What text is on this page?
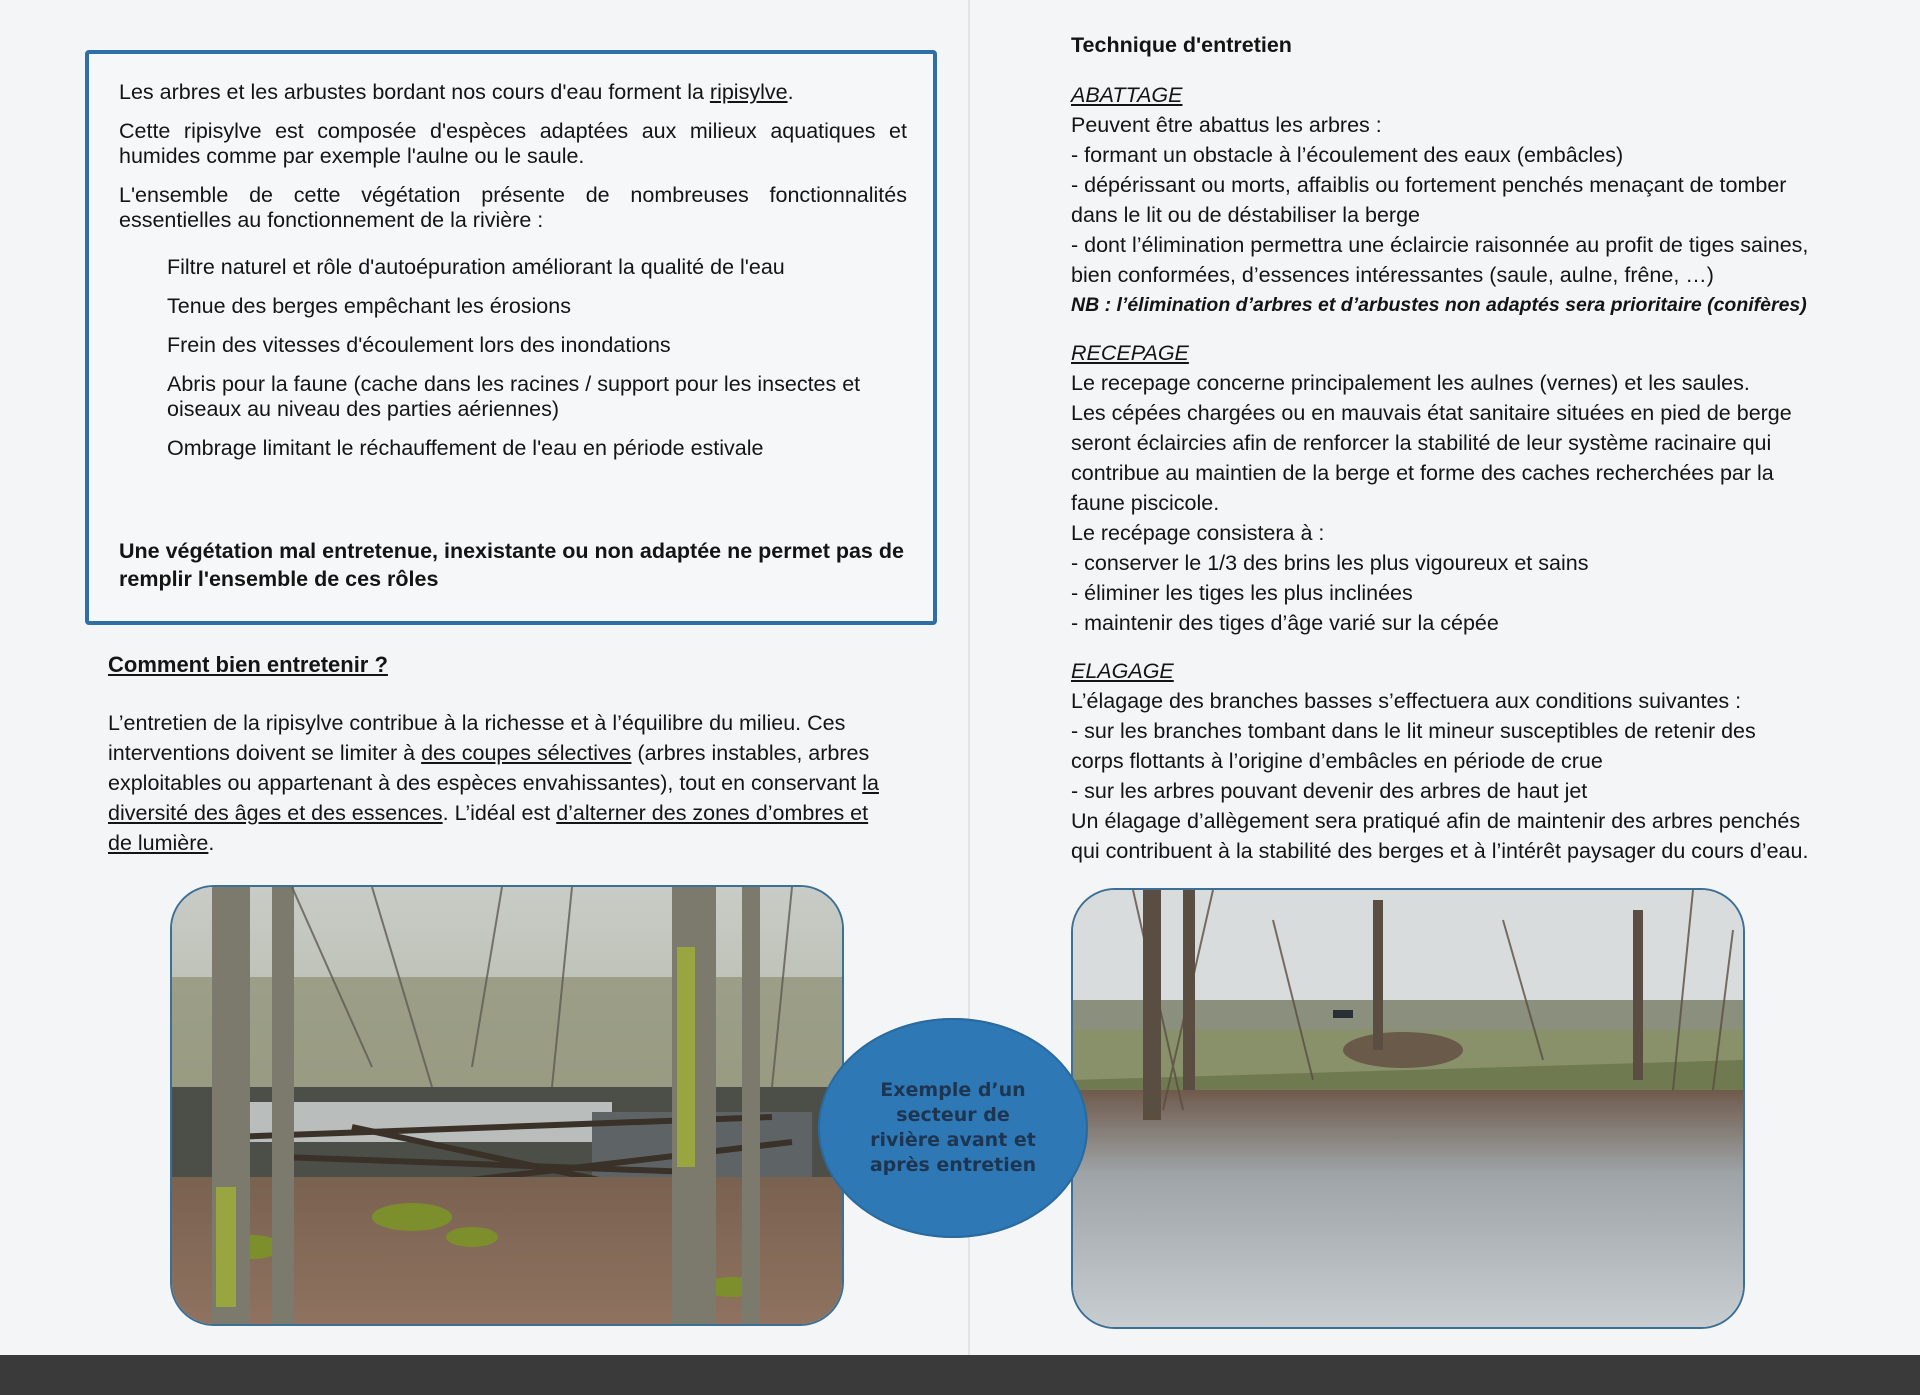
Les arbres et les arbustes bordant nos cours d'eau forment la ripisylve.

Cette ripisylve est composée d'espèces adaptées aux milieux aquatiques et humides comme par exemple l'aulne ou le saule.

L'ensemble de cette végétation présente de nombreuses fonctionnalités essentielles au fonctionnement de la rivière :

Filtre naturel et rôle d'autoépuration améliorant la qualité de l'eau
Tenue des berges empêchant les érosions
Frein des vitesses d'écoulement lors des inondations
Abris pour la faune (cache dans les racines / support pour les insectes et oiseaux au niveau des parties aériennes)
Ombrage limitant le réchauffement de l'eau en période estivale
Une végétation mal entretenue, inexistante ou non adaptée ne permet pas de remplir l'ensemble de ces rôles
Comment bien entretenir ?
L’entretien de la ripisylve contribue à la richesse et à l’équilibre du milieu. Ces interventions doivent se limiter à des coupes sélectives (arbres instables, arbres exploitables ou appartenant à des espèces envahissantes), tout en conservant la diversité des âges et des essences. L’idéal est d’alterner des zones d’ombres et de lumière.
Exemple d’un secteur de rivière avant et après entretien
Technique d'entretien
ABATTAGE
Peuvent être abattus les arbres :
- formant un obstacle à l’écoulement des eaux (embâcles)
- dépérissant ou morts, affaiblis ou fortement penchés menaçant de tomber
dans le lit ou de déstabiliser la berge
- dont l’élimination permettra une éclaircie raisonnée au profit de tiges saines,
bien conformées, d’essences intéressantes (saule, aulne, frêne, …)
NB : l’élimination d’arbres et d’arbustes non adaptés sera prioritaire (conifères)
RECEPAGE
Le recepage concerne principalement les aulnes (vernes) et les saules.
Les cépées chargées ou en mauvais état sanitaire situées en pied de berge
seront éclaircies afin de renforcer la stabilité de leur système racinaire qui
contribue au maintien de la berge et forme des caches recherchées par la
faune piscicole.
Le recépage consistera à :
- conserver le 1/3 des brins les plus vigoureux et sains
- éliminer les tiges les plus inclinées
- maintenir des tiges d’âge varié sur la cépée
ELAGAGE
L’élagage des branches basses s’effectuera aux conditions suivantes :
- sur les branches tombant dans le lit mineur susceptibles de retenir des
corps flottants à l’origine d’embâcles en période de crue
- sur les arbres pouvant devenir des arbres de haut jet
Un élagage d’allègement sera pratiqué afin de maintenir des arbres penchés
qui contribuent à la stabilité des berges et à l’intérêt paysager du cours d’eau.
